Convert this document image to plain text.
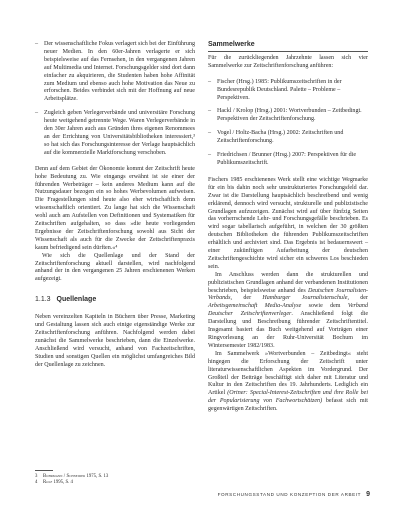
– Der wissenschaftliche Fokus verlagert sich bei der Einführung neuer Medien. In den 60er-Jahren verlagerte er sich beispielsweise auf das Fernsehen, in den vergangenen Jahren auf Multimedia und Internet. Forschungsgelder sind dort dann einfacher zu akquirieren, die Studenten haben hohe Affinität zum Medium und ebenso auch hohe Motivation das Neue zu erforschen. Beides verbindet sich mit der Hoffnung auf neue Arbeitsplätze.
– Zugleich geben Verlegerverbände und universitäre Forschung heute weitgehend getrennte Wege. Waren Verlegerverbände in den 30er Jahren auch aus Gründen ihres eigenen Renommees an der Errichtung von Universitätsbibliotheken interessiert,³ so hat sich das Forschungsinteresse der Verlage hauptsächlich auf die kommerzielle Marktforschung verschoben.

Denn auf dem Gebiet der Ökonomie kommt der Zeitschrift heute hohe Bedeutung zu. Wie eingangs erwähnt ist sie einer der führenden Werbeträger – kein anderes Medium kann auf die Nutzungsdauer bezogen ein so hohes Werbevolumen aufweisen. Die Fragestellungen sind heute also eher wirtschaftlich denn wissenschaftlich orientiert. Zu lange hat sich die Wissenschaft wohl auch am Aufstellen von Definitionen und Systematiken für Zeitschriften aufgehalten, so dass »die heute vorliegenden Ergebnisse der Zeitschriftenforschung sowohl aus Sicht der Wissenschaft als auch für die Zwecke der Zeitschriftenpraxis kaum befriedigend sein dürften.«⁴

Wie sich die Quellenlage und der Stand der Zeitschriftenforschung aktuell darstellen, wird nachfolgend anhand der in den vergangenen 25 Jahren erschienenen Werken aufgezeigt.

1.1.3 Quellenlage

Neben vereinzelten Kapiteln in Büchern über Presse, Marketing und Gestaltung lassen sich auch einige eigenständige Werke zur Zeitschriftenforschung anführen. Nachfolgend werden dabei zunächst die Sammelwerke beschrieben, dann die Einzelwerke. Anschließend wird versucht, anhand von Fachzeitschriften, Studien und sonstigen Quellen ein möglichst umfangreiches Bild der Quellenlage zu zeichnen.

3	Bohrmann / Schneider 1975, S. 13
4	Rolf 1995, S. 4
Sammelwerke

Für die zurückliegenden Jahrzehnte lassen sich vier Sammelwerke zur Zeitschriftenforschung anführen:

– Fischer (Hrsg.) 1985: Publikumszeitschriften in der Bundesrepublik Deutschland. Palette – Probleme – Perspektiven.
– Hackl / Krolop (Hrsg.) 2001: Wortverbunden – Zeitbedingt. Perspektiven der Zeitschriftenforschung.
– Vogel / Holtz-Bacha (Hrsg.) 2002: Zeitschriften und Zeitschriftenforschung.
– Friedrichsen / Brunner (Hrsg.) 2007: Perspektiven für die Publikumszeitschrift.

Fischers 1985 erschienenes Werk stellt eine wichtige Wegmarke für ein bis dahin noch sehr unstrukturiertes Forschungsfeld dar. Zwar ist die Darstellung hauptsächlich beschreibend und wenig erklärend, dennoch wird versucht, strukturelle und publizistische Grundlagen aufzuzeigen. Zunächst wird auf über fünfzig Seiten das vorherrschende Lehr- und Forschungsgefälle beschrieben. Es wird sogar tabellarisch aufgeführt, in welchen der 30 größten deutschen Bibliotheken die führenden Publikumszeitschriften erhältlich und archiviert sind. Das Ergebnis ist bedauernswert – einer zukünftigen Aufarbeitung der deutschen Zeitschriftengeschichte wird sicher ein schweres Los beschieden sein.

Im Anschluss werden dann die strukturellen und publizistischen Grundlagen anhand der verbandenen Institutionen beschrieben, beispielsweise anhand des Deutschen Journalisten-Verbands, der Hamburger Journalistenschule, der Arbeitsgemeinschaft Media-Analyse sowie dem Verband Deutscher Zeitschriftenverleger. Anschließend folgt die Darstellung und Beschreibung führender Zeitschriftentitel. Insgesamt basiert das Buch weitgehend auf Vorträgen einer Ringvorlesung an der Ruhr-Universität Bochum im Wintersemester 1982/1983.

Im Sammelwerk »Wortverbunden – Zeitbedingt« steht hingegen die Erforschung der Zeitschrift unter literaturwissenschaftlichen Aspekten im Vordergrund. Der Großteil der Beiträge beschäftigt sich daher mit Literatur und Kultur in den Zeitschriften des 19. Jahrhunderts. Lediglich ein Artikel (Ortner: Special-Interest-Zeitschriften und ihre Rolle bei der Popularisierung von Fachwortschätzen) befasst sich mit gegenwärtigen Zeitschriften.

FORSCHUNGSSTAND UND KONZEPTION DER ARBEIT 9
